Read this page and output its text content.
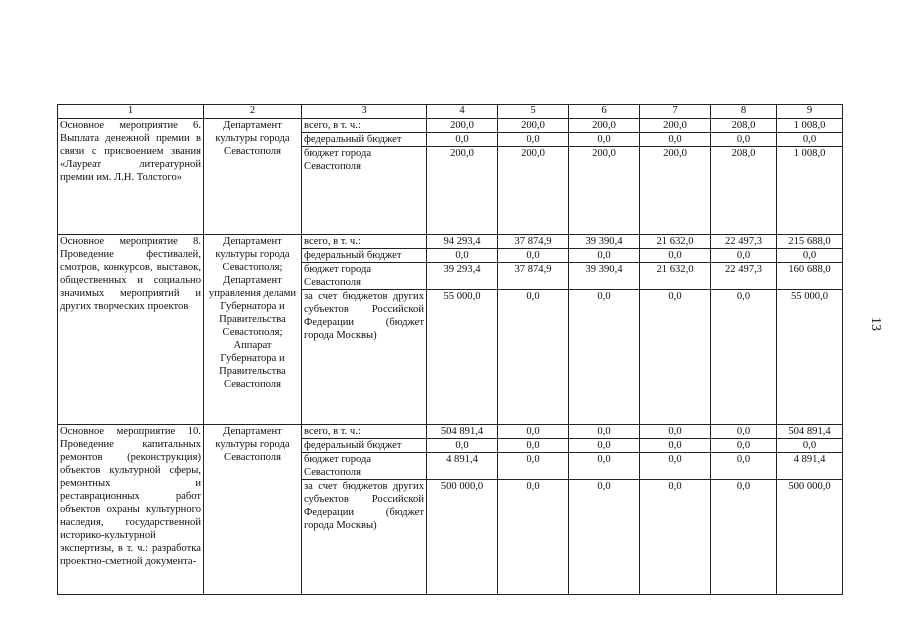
1	2	3	4	5	6	7	8	9
Основное мероприятие 6. Выплата денежной премии в связи с присвоением звания «Лауреат литературной премии им. Л.Н. Толстого»	Департамент культуры города Севастополя	всего, в т. ч.:	200,0	200,0	200,0	200,0	208,0	1 008,0
		федеральный бюджет	0,0	0,0	0,0	0,0	0,0	0,0
		бюджет города Севастополя	200,0	200,0	200,0	200,0	208,0	1 008,0
Основное мероприятие 8. Проведение фестивалей, смотров, конкурсов, выставок, общественных и социально значимых мероприятий и других творческих проектов	Департамент культуры города Севастополя; Департамент управления делами Губернатора и Правительства Севастополя; Аппарат Губернатора и Правительства Севастополя	всего, в т. ч.:	94 293,4	37 874,9	39 390,4	21 632,0	22 497,3	215 688,0
		федеральный бюджет	0,0	0,0	0,0	0,0	0,0	0,0
		бюджет города Севастополя	39 293,4	37 874,9	39 390,4	21 632,0	22 497,3	160 688,0
		за счет бюджетов других субъектов Российской Федерации (бюджет города Москвы)	55 000,0	0,0	0,0	0,0	0,0	55 000,0
Основное мероприятие 10. Проведение капитальных ремонтов (реконструкция) объектов культурной сферы, ремонтных и реставрационных работ объектов охраны культурного наследия, государственной историко-культурной экспертизы, в т. ч.: разработка проектно-сметной документа-	Департамент культуры города Севастополя	всего, в т. ч.:	504 891,4	0,0	0,0	0,0	0,0	504 891,4
		федеральный бюджет	0,0	0,0	0,0	0,0	0,0	0,0
		бюджет города Севастополя	4 891,4	0,0	0,0	0,0	0,0	4 891,4
		за счет бюджетов других субъектов Российской Федерации (бюджет города Москвы)	500 000,0	0,0	0,0	0,0	0,0	500 000,0
13
